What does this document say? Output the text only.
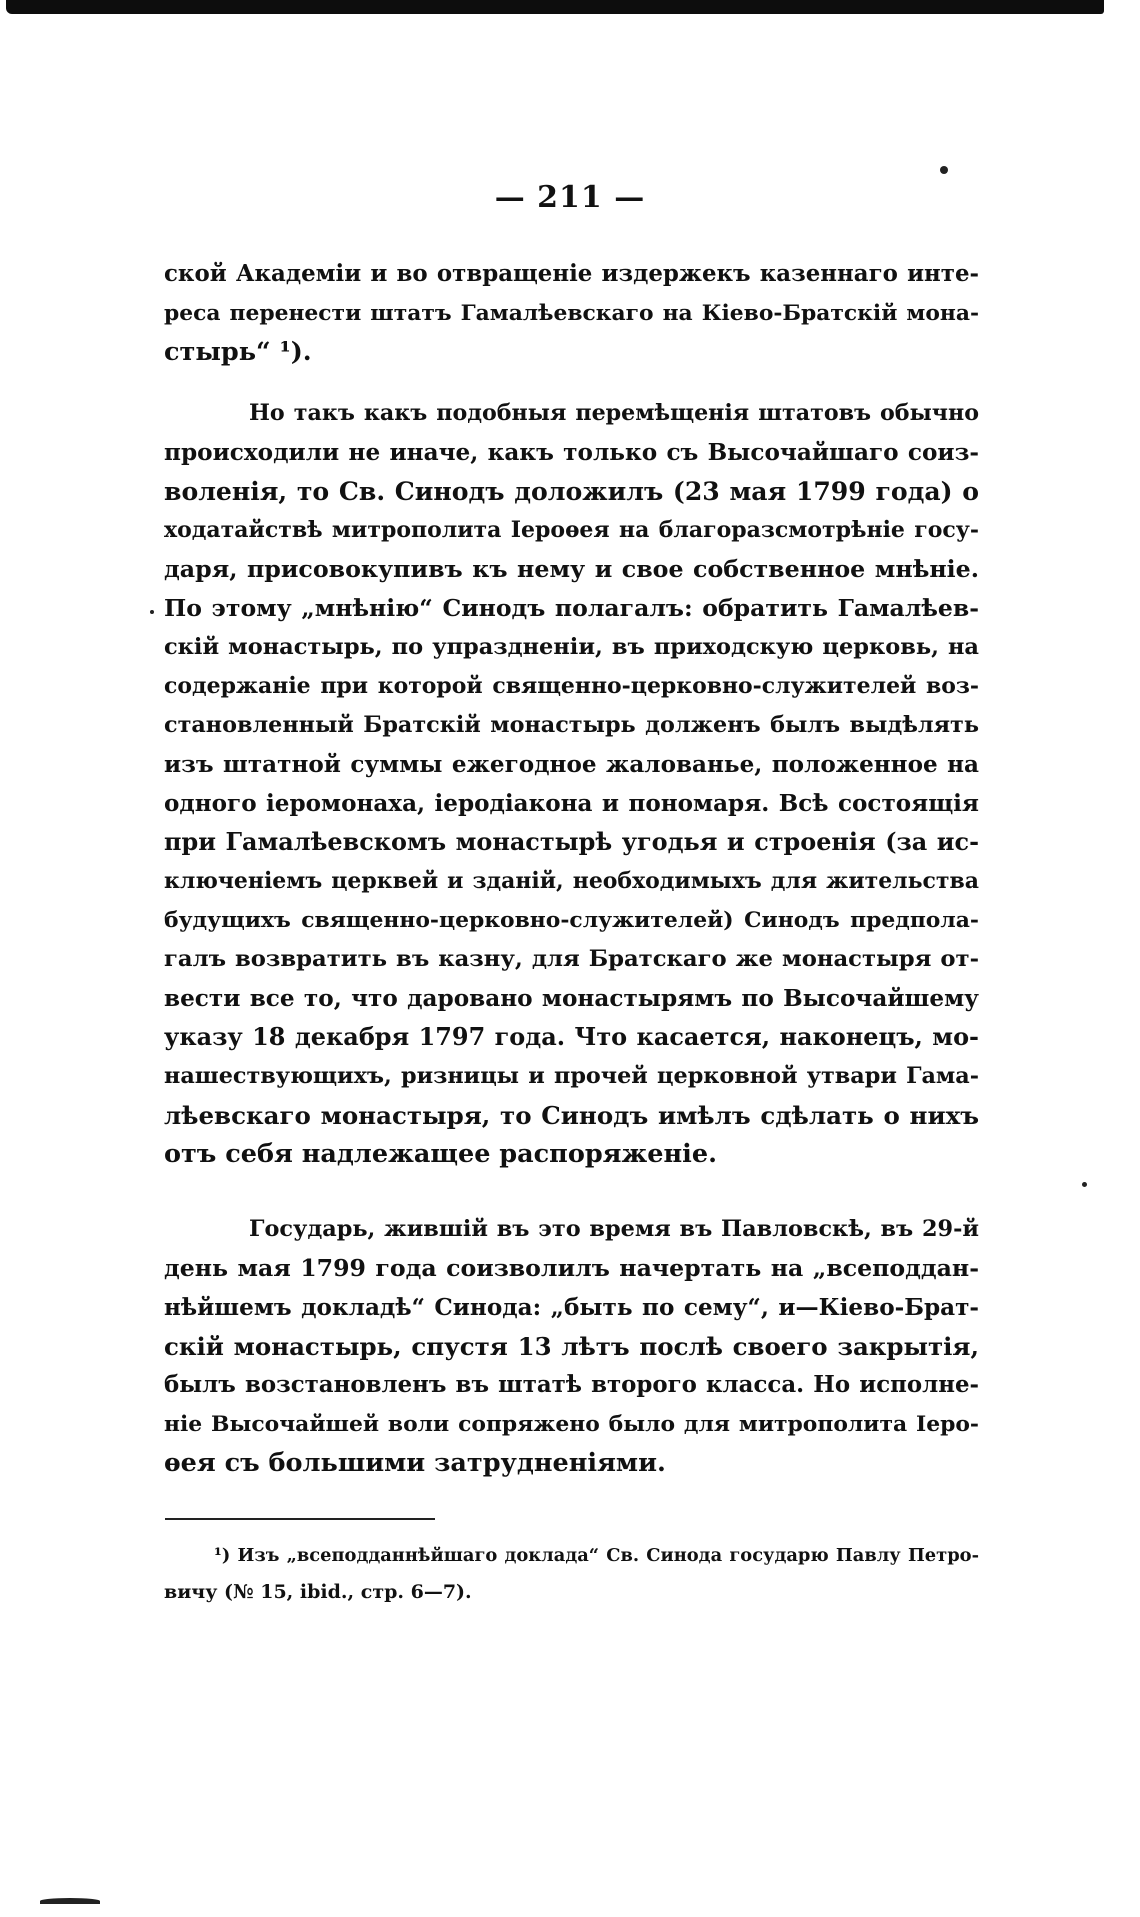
— 211 —
ской Академіи и во отвращеніе издержекъ казеннаго инте-
реса перенести штатъ Гамалѣевскаго на Кіево-Братскій мона-
стырь“ ¹).
Но такъ какъ подобныя перемѣщенія штатовъ обычно
происходили не иначе, какъ только съ Высочайшаго соиз-
воленія, то Св. Синодъ доложилъ (23 мая 1799 года) о
ходатайствѣ митрополита Іероѳея на благоразсмотрѣніе госу-
даря, присовокупивъ къ нему и свое собственное мнѣніе.
По этому „мнѣнію“ Синодъ полагалъ: обратить Гамалѣев-
скій монастырь, по упраздненіи, въ приходскую церковь, на
содержаніе при которой священно-церковно-служителей воз-
становленный Братскій монастырь долженъ былъ выдѣлять
изъ штатной суммы ежегодное жалованье, положенное на
одного іеромонаха, іеродіакона и пономаря. Всѣ состоящія
при Гамалѣевскомъ монастырѣ угодья и строенія (за ис-
ключеніемъ церквей и зданій, необходимыхъ для жительства
будущихъ священно-церковно-служителей) Синодъ предпола-
галъ возвратить въ казну, для Братскаго же монастыря от-
вести все то, что даровано монастырямъ по Высочайшему
указу 18 декабря 1797 года. Что касается, наконецъ, мо-
нашествующихъ, ризницы и прочей церковной утвари Гама-
лѣевскаго монастыря, то Синодъ имѣлъ сдѣлать о нихъ
отъ себя надлежащее распоряженіе.
Государь, жившій въ это время въ Павловскѣ, въ 29-й
день мая 1799 года соизволилъ начертать на „всеподдан-
нѣйшемъ докладѣ“ Синода: „быть по сему“, и—Кіево-Брат-
скій монастырь, спустя 13 лѣтъ послѣ своего закрытія,
былъ возстановленъ въ штатѣ второго класса. Но исполне-
ніе Высочайшей воли сопряжено было для митрополита Іеро-
ѳея съ большими затрудненіями.
¹) Изъ „всеподданнѣйшаго доклада“ Св. Синода государю Павлу Петро-
вичу (№ 15, ibid., стр. 6—7).
